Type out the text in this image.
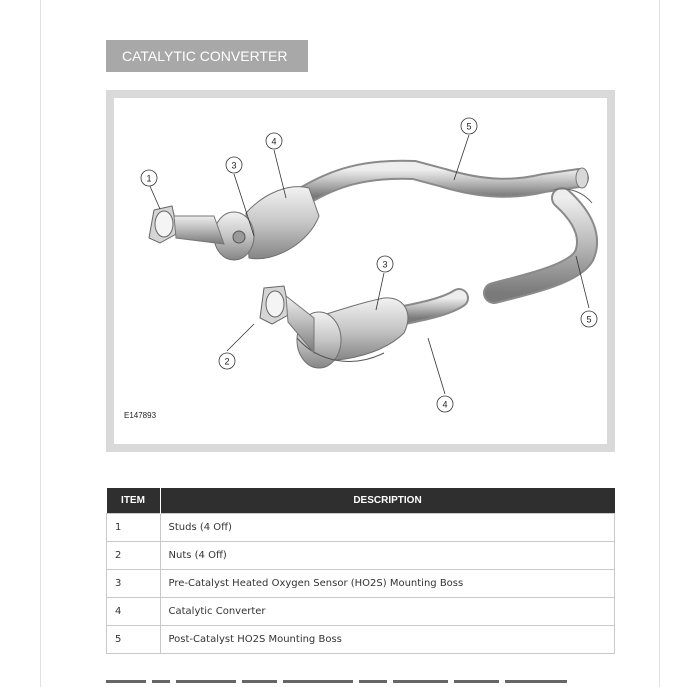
CATALYTIC CONVERTER
1
2
3
3
4
4
5
5
E147893
ITEM	DESCRIPTION
1	Studs (4 Off)
2	Nuts (4 Off)
3	Pre-Catalyst Heated Oxygen Sensor (HO2S) Mounting Boss
4	Catalytic Converter
5	Post-Catalyst HO2S Mounting Boss
